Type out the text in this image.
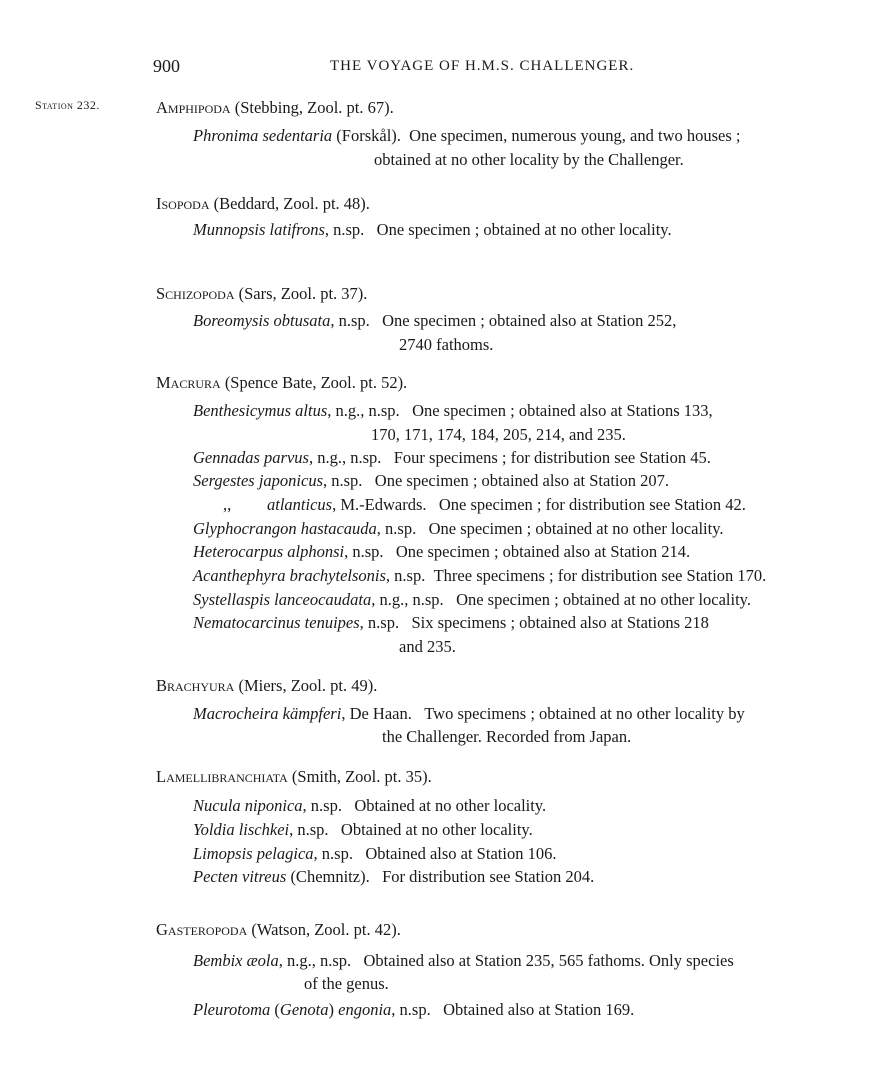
900	THE VOYAGE OF H.M.S. CHALLENGER.
Station 232.	Amphipoda (Stebbing, Zool. pt. 67).
Phronima sedentaria (Forskål). One specimen, numerous young, and two houses ;
obtained at no other locality by the Challenger.
Isopoda (Beddard, Zool. pt. 48).
Munnopsis latifrons, n.sp. One specimen ; obtained at no other locality.
Schizopoda (Sars, Zool. pt. 37).
Boreomysis obtusata, n.sp. One specimen ; obtained also at Station 252,
2740 fathoms.
Macrura (Spence Bate, Zool. pt. 52).
Benthesicymus altus, n.g., n.sp. One specimen ; obtained also at Stations 133,
170, 171, 174, 184, 205, 214, and 235.
Gennadas parvus, n.g., n.sp. Four specimens ; for distribution see Station 45.
Sergestes japonicus, n.sp. One specimen ; obtained also at Station 207.
,, atlanticus, M.-Edwards. One specimen ; for distribution see Station 42.
Glyphocrangon hastacauda, n.sp. One specimen ; obtained at no other locality.
Heterocarpus alphonsi, n.sp. One specimen ; obtained also at Station 214.
Acanthephyra brachytelsonis, n.sp. Three specimens ; for distribution see Station 170.
Systellaspis lanceocaudata, n.g., n.sp. One specimen ; obtained at no other locality.
Nematocarcinus tenuipes, n.sp. Six specimens ; obtained also at Stations 218
and 235.
Brachyura (Miers, Zool. pt. 49).
Macrocheira kämpferi, De Haan. Two specimens ; obtained at no other locality by
the Challenger. Recorded from Japan.
Lamellibranchiata (Smith, Zool. pt. 35).
Nucula niponica, n.sp. Obtained at no other locality.
Yoldia lischkei, n.sp. Obtained at no other locality.
Limopsis pelagica, n.sp. Obtained also at Station 106.
Pecten vitreus (Chemnitz). For distribution see Station 204.
Gasteropoda (Watson, Zool. pt. 42).
Bembix æola, n.g., n.sp. Obtained also at Station 235, 565 fathoms. Only species
of the genus.
Pleurotoma (Genota) engonia, n.sp. Obtained also at Station 169.
